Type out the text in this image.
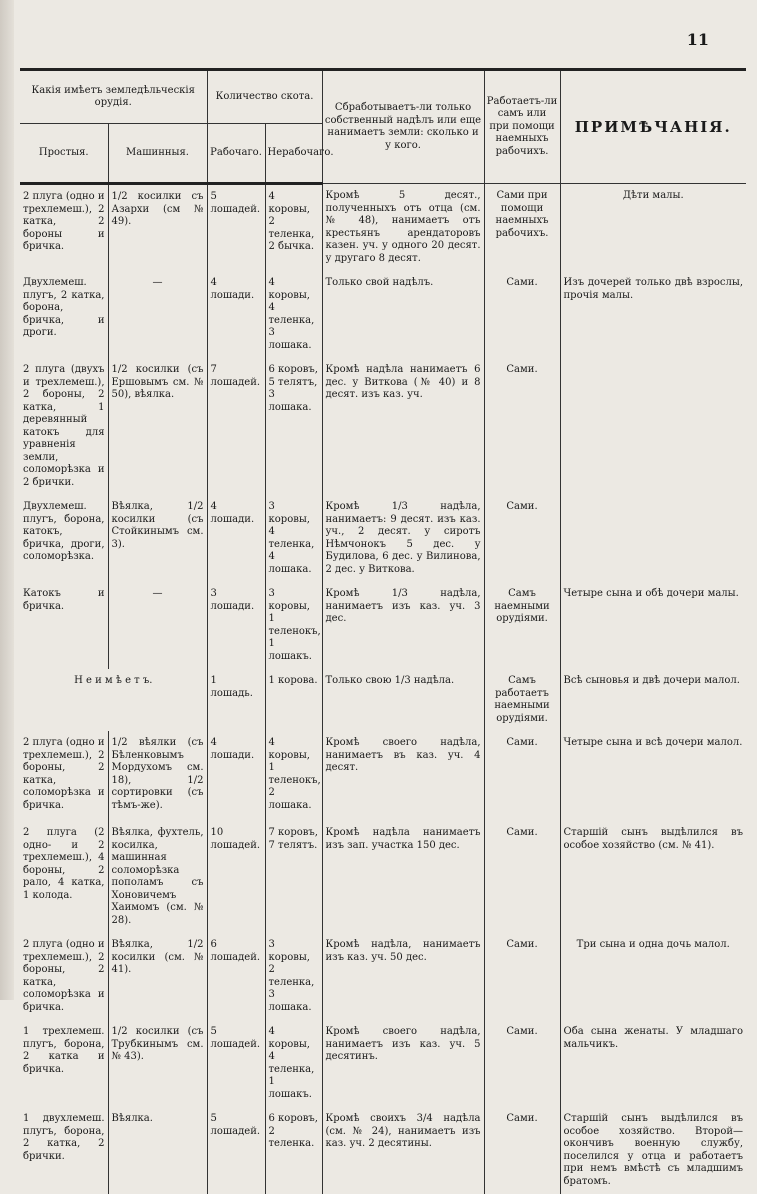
11
Какія имѣетъ земледѣльческія орудія.		Количество скота.		Сбработываетъ-ли только собственный надѣлъ или еще нанимаетъ земли: сколько и у кого.	Работаетъ-ли самъ или при помощи наемныхъ рабочихъ.	ПРИМѢЧАНІЯ.
Простыя.	Машинныя.	Рабочаго.	Нерабочаго.			
2 плуга (одно и трехлемеш.), 2 катка, 2 бороны и бричка.	1/2 косилки съ Азархи (см № 49).	5 лошадей.	4 коровы, 2 теленка, 2 бычка.	Кромѣ 5 десят., полученныхъ отъ отца (см. № 48), нанимаетъ отъ крестьянъ арендаторовъ казен. уч. у одного 20 десят. у другаго 8 десят.	Сами при помощи наемныхъ рабочихъ.	Дѣти малы.
Двухлемеш. плугъ, 2 катка, борона, бричка, и дроги.	—	4 лошади.	4 коровы, 4 теленка, 3 лошака.	Только свой надѣлъ.	Сами.	Изъ дочерей только двѣ взрослы, прочія малы.
2 плуга (двухъ и трехлемеш.), 2 бороны, 2 катка, 1 деревянный катокъ для уравненія земли, соломорѣзка и 2 брички.	1/2 косилки (съ Ершовымъ см. № 50), вѣялка.	7 лошадей.	6 коровъ, 5 телятъ, 3 лошака.	Кромѣ надѣла нанимаетъ 6 дес. у Виткова (№ 40) и 8 десят. изъ каз. уч.	Сами.	
Двухлемеш. плугъ, борона, катокъ, бричка, дроги, соломорѣзка.	Вѣялка, 1/2 косилки (съ Стойкинымъ см. 3).	4 лошади.	3 коровы, 4 теленка, 4 лошака.	Кромѣ 1/3 надѣла, нанимаетъ: 9 десят. изъ каз. уч., 2 десят. у сиротъ Нѣмчонокъ 5 дес. у Будилова, 6 дес. у Вилинова, 2 дес. у Виткова.	Сами.	
Катокъ и бричка.	—	3 лошади.	3 коровы, 1 теленокъ, 1 лошакъ.	Кромѣ 1/3 надѣла, нанимаетъ изъ каз. уч. 3 дес.	Самъ наемными орудіями.	Четыре сына и обѣ дочери малы.
Н е и м ѣ е т ъ.		1 лошадь.	1 корова.	Только свою 1/3 надѣла.	Самъ работаетъ наемными орудіями.	Всѣ сыновья и двѣ дочери малол.
2 плуга (одно и трехлемеш.), 2 бороны, 2 катка, соломорѣзка и бричка.	1/2 вѣялки (съ Бѣленковымъ Мордухомъ см. 18), 1/2 сортировки (съ тѣмъ-же).	4 лошади.	4 коровы, 1 теленокъ, 2 лошака.	Кромѣ своего надѣла, нанимаетъ въ каз. уч. 4 десят.	Сами.	Четыре сына и всѣ дочери малол.
2 плуга (2 одно- и 2 трехлемеш.), 4 бороны, 2 рало, 4 катка, 1 колода.	Вѣялка, фухтель, косилка, машинная соломорѣзка пополамъ съ Хоновичемъ Хаимомъ (см. № 28).	10 лошадей.	7 коровъ, 7 телятъ.	Кромѣ надѣла нанимаетъ изъ зап. участка 150 дес.	Сами.	Старшій сынъ выдѣлился въ особое хозяйство (см. № 41).
2 плуга (одно и трехлемеш.), 2 бороны, 2 катка, соломорѣзка и бричка.	Вѣялка, 1/2 косилки (см. № 41).	6 лошадей.	3 коровы, 2 теленка, 3 лошака.	Кромѣ надѣла, нанимаетъ изъ каз. уч. 50 дес.	Сами.	Три сына и одна дочь малол.
1 трехлемеш. плугъ, борона, 2 катка и бричка.	1/2 косилки (съ Трубкинымъ см. № 43).	5 лошадей.	4 коровы, 4 теленка, 1 лошакъ.	Кромѣ своего надѣла, нанимаетъ изъ каз. уч. 5 десятинъ.	Сами.	Оба сына женаты. У младшаго мальчикъ.
1 двухлемеш. плугъ, борона, 2 катка, 2 брички.	Вѣялка.	5 лошадей.	6 коровъ, 2 теленка.	Кромѣ своихъ 3/4 надѣла (см. № 24), нанимаетъ изъ каз. уч. 2 десятины.	Сами.	Старшій сынъ выдѣлился въ особое хозяйство. Второй—окончивъ военную службу, поселился у отца и работаетъ при немъ вмѣстѣ съ младшимъ братомъ.
